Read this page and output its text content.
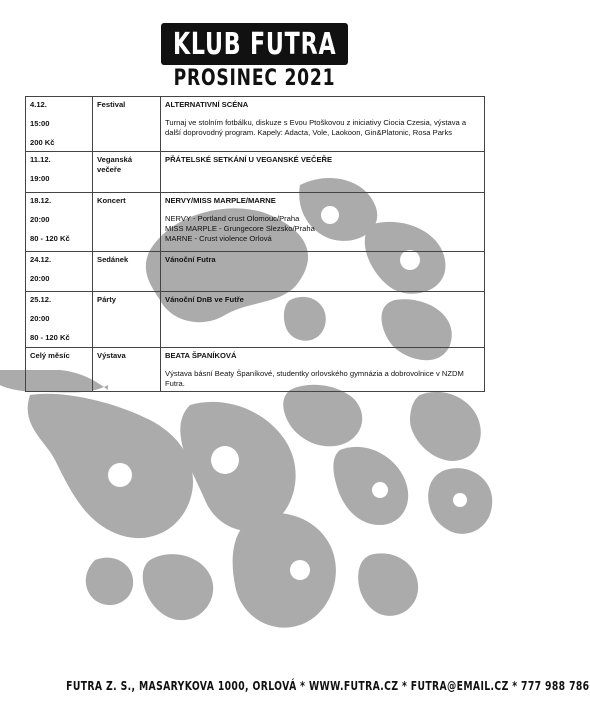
KLUB FUTRA
PROSINEC 2021
4.12.
15:00
200 Kč	Festival	ALTERNATIVNÍ SCÉNA
Turnaj ve stolním fotbálku, diskuze s Evou Ptoškovou z iniciativy Ciocia Czesia, výstava a další doprovodný program. Kapely: Adacta, Vole, Laokoon, Gin&Platonic, Rosa Parks

11.12.
19:00	Veganská večeře	PŘÁTELSKÉ SETKÁNÍ U VEGANSKÉ VEČEŘE

18.12.
20:00
80 - 120 Kč	Koncert	NERVY/MISS MARPLE/MARNE
NERVY - Portland crust Olomouc/Praha
MISS MARPLE - Grungecore Slezsko/Praha
MARNE - Crust violence Orlová

24.12.
20:00	Sedánek	Vánoční Futra

25.12.
20:00
80 - 120 Kč	Párty	Vánoční DnB ve Futře

Celý měsíc	Výstava	BEATA ŠPANÍKOVÁ
Výstava básní Beaty Španíkové, studentky orlovského gymnázia a dobrovolnice v NZDM Futra.
FUTRA Z. S., MASARYKOVA 1000, ORLOVÁ * WWW.FUTRA.CZ * FUTRA@EMAIL.CZ * 777 988 786
